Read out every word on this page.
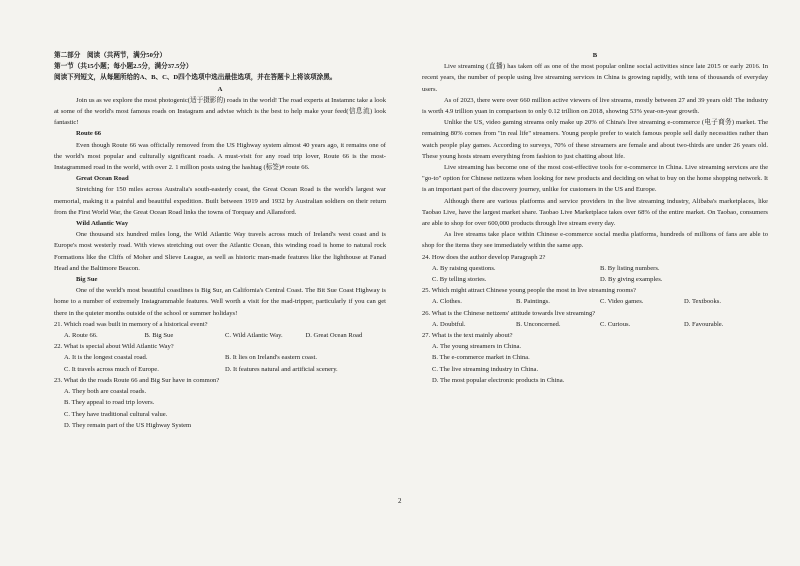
第二部分　阅读（共两节，满分50分）
第一节（共15小题；每小题2.5分，满分37.5分）
阅读下列短文，从每题所给的A、B、C、D四个选项中选出最佳选项，并在答题卡上将该项涂黑。
A
Join us as we explore the most photogenic(适于摄影的) roads in the world! The road experts at Instamnc take a look at some of the world's most famous roads on Instagram and advise which is the best to help make your feed(信息流) look fantastic!
Route 66
Even though Route 66 was officially removed from the US Highway system almost 40 years ago, it remains one of the world's most popular and culturally significant roads. A must-visit for any road trip lover, Route 66 is the most-Instagrammed road in the world, with over 2. 1 million posts using the hashtag (标签)# route 66.
Great Ocean Road
Stretching for 150 miles across Australia's south-easterly coast, the Great Ocean Road is the world's largest war memorial, making it a painful and beautiful expedition. Built between 1919 and 1932 by Australian soldiers on their return from the First World War, the Great Ocean Road links the towns of Torquay and Allansford.
Wild Atlantic Way
One thousand six hundred miles long, the Wild Atlantic Way travels across much of Ireland's west coast and is Europe's most westerly road. With views stretching out over the Atlantic Ocean, this winding road is home to natural rock Formations like the Cliffs of Moher and Slieve League, as well as historic man-made features like the lighthouse at Fanad Head and the Baltimore Beacon.
Big Sue
One of the world's most beautiful coastlines is Big Sur, an California's Central Coast. The Bit Sue Coast Highway is home to a number of extremely Instagrammable features. Well worth a visit for the mad-tripper, particularly if you can get there in the quieter months outside of the school or summer holidays!
21. Which road was built in memory of a historical event?
A. Route 66.	B. Big Sue	C. Wild Atlantic Way.	D. Great Ocean Road
22. What is special about Wild Atlantic Way?
A. It is the longest coastal road.	B. It lies on Ireland's eastern coast.
C. It travels across much of Europe.	D. It features natural and artificial scenery.
23. What do the roads Route 66 and Big Sur have in common?
A. They both are coastal roads.
B. They appeal to road trip lovers.
C. They have traditional cultural value.
D. They remain part of the US Highway System
B
Live streaming (直播) has taken off as one of the most popular online social activities since late 2015 or early 2016. In recent years, the number of people using live streaming services in China is growing rapidly, with tens of thousands of everyday users.
As of 2023, there were over 660 million active viewers of live streams, mostly between 27 and 39 years old! The industry is worth 4.9 trillion yuan in comparison to only 0.12 trillion on 2018, showing 53% year-on-year growth.
Unlike the US, video gaming streams only make up 20% of China's live streaming e-commerce (电子商务) market. The remaining 80% comes from "in real life" streamers. Young people prefer to watch famous people sell daily necessities rather than watch people play games. According to surveys, 70% of these streamers are female and about two-thirds are under 26 years old. These young hosts stream everything from fashion to just chatting about life.
Live streaming has become one of the most cost-effective tools for e-commerce in China. Live streaming services are the "go-to" option for Chinese netizens when looking for new products and deciding on what to buy on the home shopping network. It is an important part of the discovery journey, unlike for customers in the US and Europe.
Although there are various platforms and service providers in the live streaming industry, Alibaba's marketplaces, like Taobao Live, have the largest market share. Taobao Live Marketplace takes over 68% of the entire market. On Taobao, consumers are able to shop for over 600,000 products through live stream every day.
As live streams take place within Chinese e-commerce social media platforms, hundreds of millions of fans are able to shop for the items they see immediately within the same app.
24. How does the author develop Paragraph 2?
A. By raising questions.	B. By listing numbers.
C. By telling stories.	D. By giving examples.
25. Which might attract Chinese young people the most in live streaming rooms?
A. Clothes.	B. Paintings.	C. Video games.	D. Textbooks.
26. What is the Chinese netizens' attitude towards live streaming?
A. Doubtful.	B. Unconcerned.	C. Curious.	D. Favourable.
27. What is the text mainly about?
A. The young streamers in China.
B. The e-commerce market in China.
C. The live streaming industry in China.
D. The most popular electronic products in China.
2
